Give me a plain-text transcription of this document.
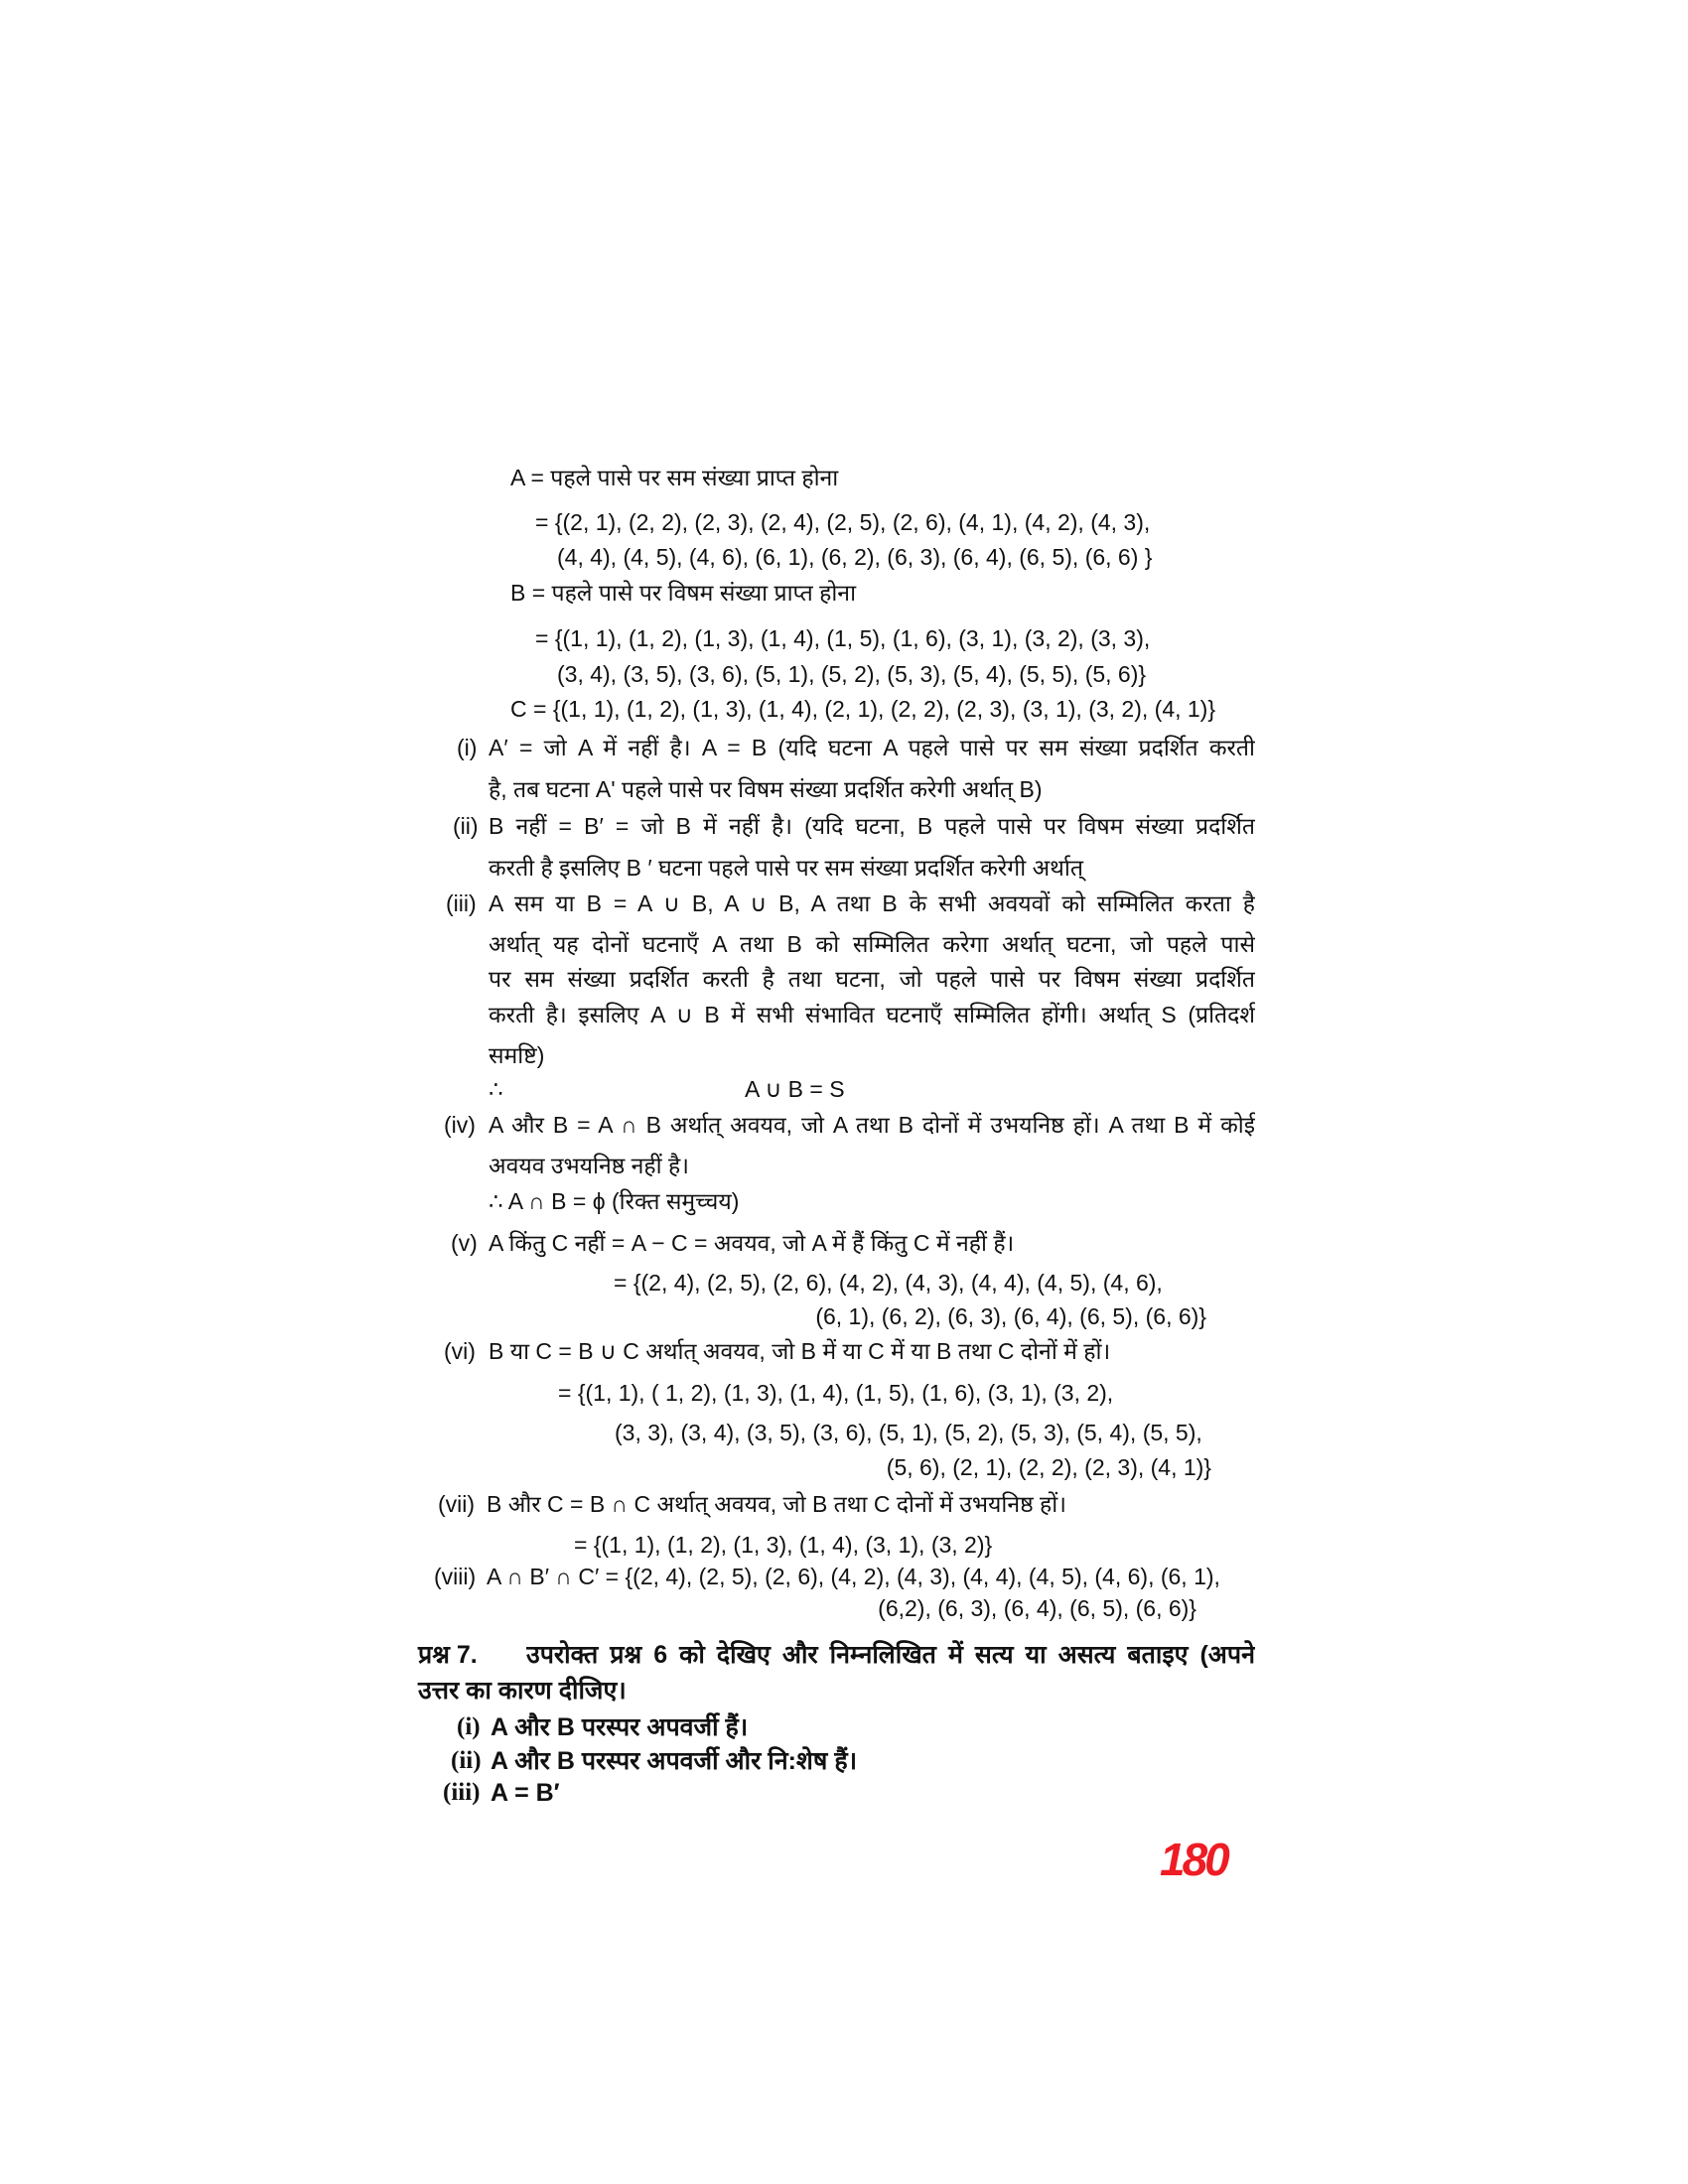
A = पहले पासे पर सम संख्या प्राप्त होना
= {(2, 1), (2, 2), (2, 3), (2, 4), (2, 5), (2, 6), (4, 1), (4, 2), (4, 3),
(4, 4), (4, 5), (4, 6), (6, 1), (6, 2), (6, 3), (6, 4), (6, 5), (6, 6) }
B = पहले पासे पर विषम संख्या प्राप्त होना
= {(1, 1), (1, 2), (1, 3), (1, 4), (1, 5), (1, 6), (3, 1), (3, 2), (3, 3),
(3, 4), (3, 5), (3, 6), (5, 1), (5, 2), (5, 3), (5, 4), (5, 5), (5, 6)}
C = {(1, 1), (1, 2), (1, 3), (1, 4), (2, 1), (2, 2), (2, 3), (3, 1), (3, 2), (4, 1)}
(i) A′ = जो A में नहीं है। A = B (यदि घटना A पहले पासे पर सम संख्या प्रदर्शित करती
है, तब घटना A' पहले पासे पर विषम संख्या प्रदर्शित करेगी अर्थात् B)
(ii) B नहीं = B′ = जो B में नहीं है। (यदि घटना, B पहले पासे पर विषम संख्या प्रदर्शित
करती है इसलिए B ′ घटना पहले पासे पर सम संख्या प्रदर्शित करेगी अर्थात्
(iii) A सम या B = A ∪ B, A ∪ B, A तथा B के सभी अवयवों को सम्मिलित करता है
अर्थात् यह दोनों घटनाएँ A तथा B को सम्मिलित करेगा अर्थात् घटना, जो पहले पासे
पर सम संख्या प्रदर्शित करती है तथा घटना, जो पहले पासे पर विषम संख्या प्रदर्शित
करती है। इसलिए A ∪ B में सभी संभावित घटनाएँ सम्मिलित होंगी। अर्थात् S (प्रतिदर्श
समष्टि)
∴	A ∪ B = S
(iv) A और B = A ∩ B अर्थात् अवयव, जो A तथा B दोनों में उभयनिष्ठ हों। A तथा B में कोई
अवयव उभयनिष्ठ नहीं है।
∴ A ∩ B = ϕ (रिक्त समुच्चय)
(v) A किंतु C नहीं = A − C = अवयव, जो A में हैं किंतु C में नहीं हैं।
= {(2, 4), (2, 5), (2, 6), (4, 2), (4, 3), (4, 4), (4, 5), (4, 6),
(6, 1), (6, 2), (6, 3), (6, 4), (6, 5), (6, 6)}
(vi) B या C = B ∪ C अर्थात् अवयव, जो B में या C में या B तथा C दोनों में हों।
= {(1, 1), ( 1, 2), (1, 3), (1, 4), (1, 5), (1, 6), (3, 1), (3, 2),
(3, 3), (3, 4), (3, 5), (3, 6), (5, 1), (5, 2), (5, 3), (5, 4), (5, 5),
(5, 6), (2, 1), (2, 2), (2, 3), (4, 1)}
(vii) B और C = B ∩ C अर्थात् अवयव, जो B तथा C दोनों में उभयनिष्ठ हों।
= {(1, 1), (1, 2), (1, 3), (1, 4), (3, 1), (3, 2)}
(viii) A ∩ B′ ∩ C′ = {(2, 4), (2, 5), (2, 6), (4, 2), (4, 3), (4, 4), (4, 5), (4, 6), (6, 1),
(6,2), (6, 3), (6, 4), (6, 5), (6, 6)}
प्रश्न 7. उपरोक्त प्रश्न 6 को देखिए और निम्नलिखित में सत्य या असत्य बताइए (अपने
उत्तर का कारण दीजिए।
(i) A और B परस्पर अपवर्जी हैं।
(ii) A और B परस्पर अपवर्जी और नि:शेष हैं।
(iii) A = B′
180
